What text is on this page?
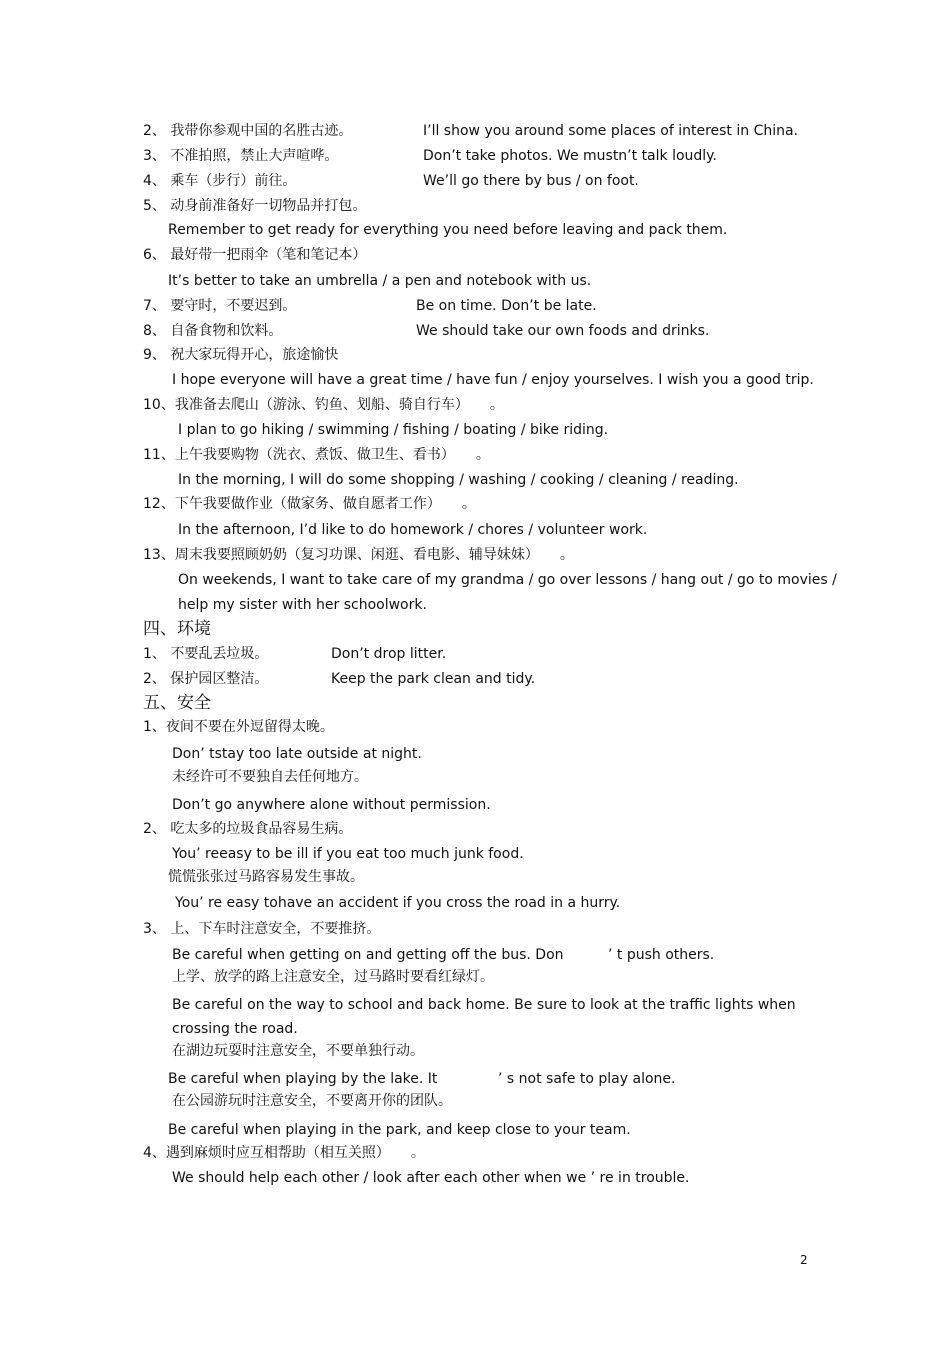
2、 我带你参观中国的名胜古迹。	I’ll show you around some places of interest in China.
3、 不准拍照，禁止大声喧哗。	Don’t take photos. We mustn’t talk loudly.
4、 乘车（步行）前往。	We’ll go there by bus / on foot.
5、 动身前准备好一切物品并打包。
Remember to get ready for everything you need before leaving and pack them.
6、 最好带一把雨伞（笔和笔记本）
It’s better to take an umbrella / a pen and notebook with us.
7、 要守时，不要迟到。	Be on time. Don’t be late.
8、 自备食物和饮料。	We should take our own foods and drinks.
9、 祝大家玩得开心，旅途愉快
I hope everyone will have a great time / have fun / enjoy yourselves. I wish you a good trip.
10、我准备去爬山（游泳、钓鱼、划船、骑自行车）　　。
I plan to go hiking / swimming / fishing / boating / bike riding.
11、上午我要购物（洗衣、煮饭、做卫生、看书）　　。
In the morning, I will do some shopping / washing / cooking / cleaning / reading.
12、下午我要做作业（做家务、做自愿者工作）　　。
In the afternoon, I’d like to do homework / chores / volunteer work.
13、周末我要照顾奶奶（复习功课、闲逛、看电影、辅导妹妹）　　。
On weekends, I want to take care of my grandma / go over lessons / hang out / go to movies /
help my sister with her schoolwork.
四、环境
1、 不要乱丢垃圾。	Don’t drop litter.
2、 保护园区整洁。	Keep the park clean and tidy.
五、安全
1、夜间不要在外逗留得太晚。
Don’ tstay too late outside at night.
未经许可不要独自去任何地方。
Don’t go anywhere alone without permission.
2、 吃太多的垃圾食品容易生病。
You’ reeasy to be ill if you eat too much junk food.
慌慌张张过马路容易发生事故。
You’ re easy tohave an accident if you cross the road in a hurry.
3、 上、下车时注意安全，不要推挤。
Be careful when getting on and getting off the bus. Don	’ t push others.
上学、放学的路上注意安全，过马路时要看红绿灯。
Be careful on the way to school and back home. Be sure to look at the traffic lights when
crossing the road.
在湖边玩耍时注意安全，不要单独行动。
Be careful when playing by the lake. It	’ s not safe to play alone.
在公园游玩时注意安全，不要离开你的团队。
Be careful when playing in the park, and keep close to your team.
4、遇到麻烦时应互相帮助（相互关照）　　。
We should help each other / look after each other when we ’ re in trouble.
2
